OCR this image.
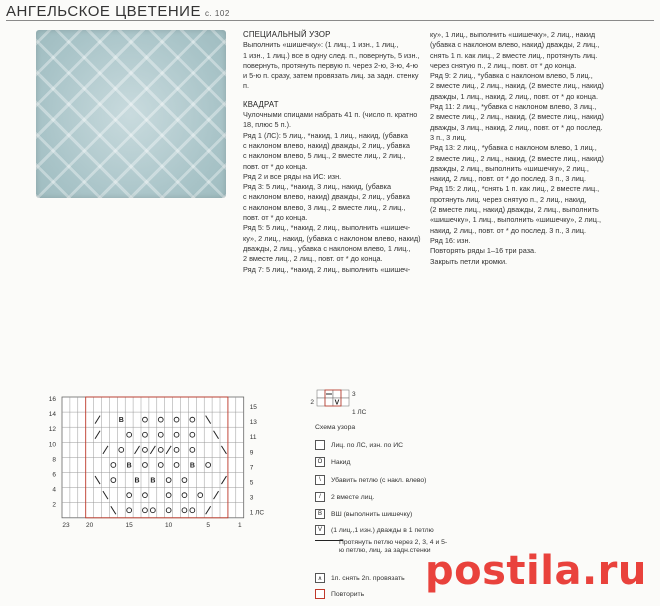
АНГЕЛЬСКОЕ ЦВЕТЕНИЕ с. 102
СПЕЦИАЛЬНЫЙ УЗОР

Выполнить «шишечку»: (1 лиц., 1 изн., 1 лиц.,

1 изн., 1 лиц.) все в одну след. п., повернуть, 5 изн.,

повернуть, протянуть первую п. через 2-ю, 3-ю, 4-ю

и 5-ю п. сразу, затем провязать лиц. за задн. стенку п.

КВАДРАТ

Чулочными спицами набрать 41 п. (число п. кратно

18, плюс 5 п.).

Ряд 1 (ЛС): 5 лиц., *накид, 1 лиц., накид, (убавка

с наклоном влево, накид) дважды, 2 лиц., убавка

с наклоном влево, 5 лиц., 2 вместе лиц., 2 лиц.,

повт. от * до конца.

Ряд 2 и все ряды на ИС: изн.

Ряд 3: 5 лиц., *накид, 3 лиц., накид, (убавка

с наклоном влево, накид) дважды, 2 лиц., убавка

с наклоном влево, 3 лиц., 2 вместе лиц., 2 лиц.,

повт. от * до конца.

Ряд 5: 5 лиц., *накид, 2 лиц., выполнить «шишеч-

ку», 2 лиц., накид, (убавка с наклоном влево, накид)

дважды, 2 лиц., убавка с наклоном влево, 1 лиц.,

2 вместе лиц., 2 лиц., повт. от * до конца.

Ряд 7: 5 лиц., *накид, 2 лиц., выполнить «шишеч-

ку», 1 лиц., выполнить «шишечку», 2 лиц., накид

(убавка с наклоном влево, накид) дважды, 2 лиц.,

снять 1 п. как лиц., 2 вместе лиц., протянуть лиц.

через снятую п., 2 лиц., повт. от * до конца.

Ряд 9: 2 лиц., *убавка с наклоном влево, 5 лиц.,

2 вместе лиц., 2 лиц., накид, (2 вместе лиц., накид)

дважды, 1 лиц., накид, 2 лиц., повт. от * до конца.

Ряд 11: 2 лиц., *убавка с наклоном влево, 3 лиц.,

2 вместе лиц., 2 лиц., накид, (2 вместе лиц., накид)

дважды, 3 лиц., накид, 2 лиц., повт. от * до послед.

3 п., 3 лиц.

Ряд 13: 2 лиц., *убавка с наклоном влево, 1 лиц.,

2 вместе лиц., 2 лиц., накид, (2 вместе лиц., накид)

дважды, 2 лиц., выполнить «шишечку», 2 лиц.,

накид, 2 лиц., повт. от * до послед. 3 п., 3 лиц.

Ряд 15: 2 лиц., *снять 1 п. как лиц., 2 вместе лиц.,

протянуть лиц. через снятую п., 2 лиц., накид,

(2 вместе лиц., накид) дважды, 2 лиц., выполнить

«шишечку», 1 лиц., выполнить «шишечку», 2 лиц.,

накид, 2 лиц., повт. от * до послед. 3 п., 3 лиц.

Ряд 16: изн.

Повторять ряды 1–16 три раза.

Закрыть петли кромки.

B
B	B
B B
16
14
12
10
8
6
4
2
15
13
11
9
7
5
3
1 ЛС
23	20	15	10	5	1
V
3
2
1 ЛС
Схема узора
Лиц. по ЛС, изн. по ИС
O	Накид
\	Убавить петлю (с накл. влево)
/	2 вместе лиц.
B	ВШ (выполнить шишечку)
V	(1 лиц.,1 изн.) дважды в 1 петлю
Протянуть петлю через 2, 3, 4 и 5-ю петлю, лиц. за задн.стенки
∧	1п. снять 2п. провязать
Повторить postila.ru
